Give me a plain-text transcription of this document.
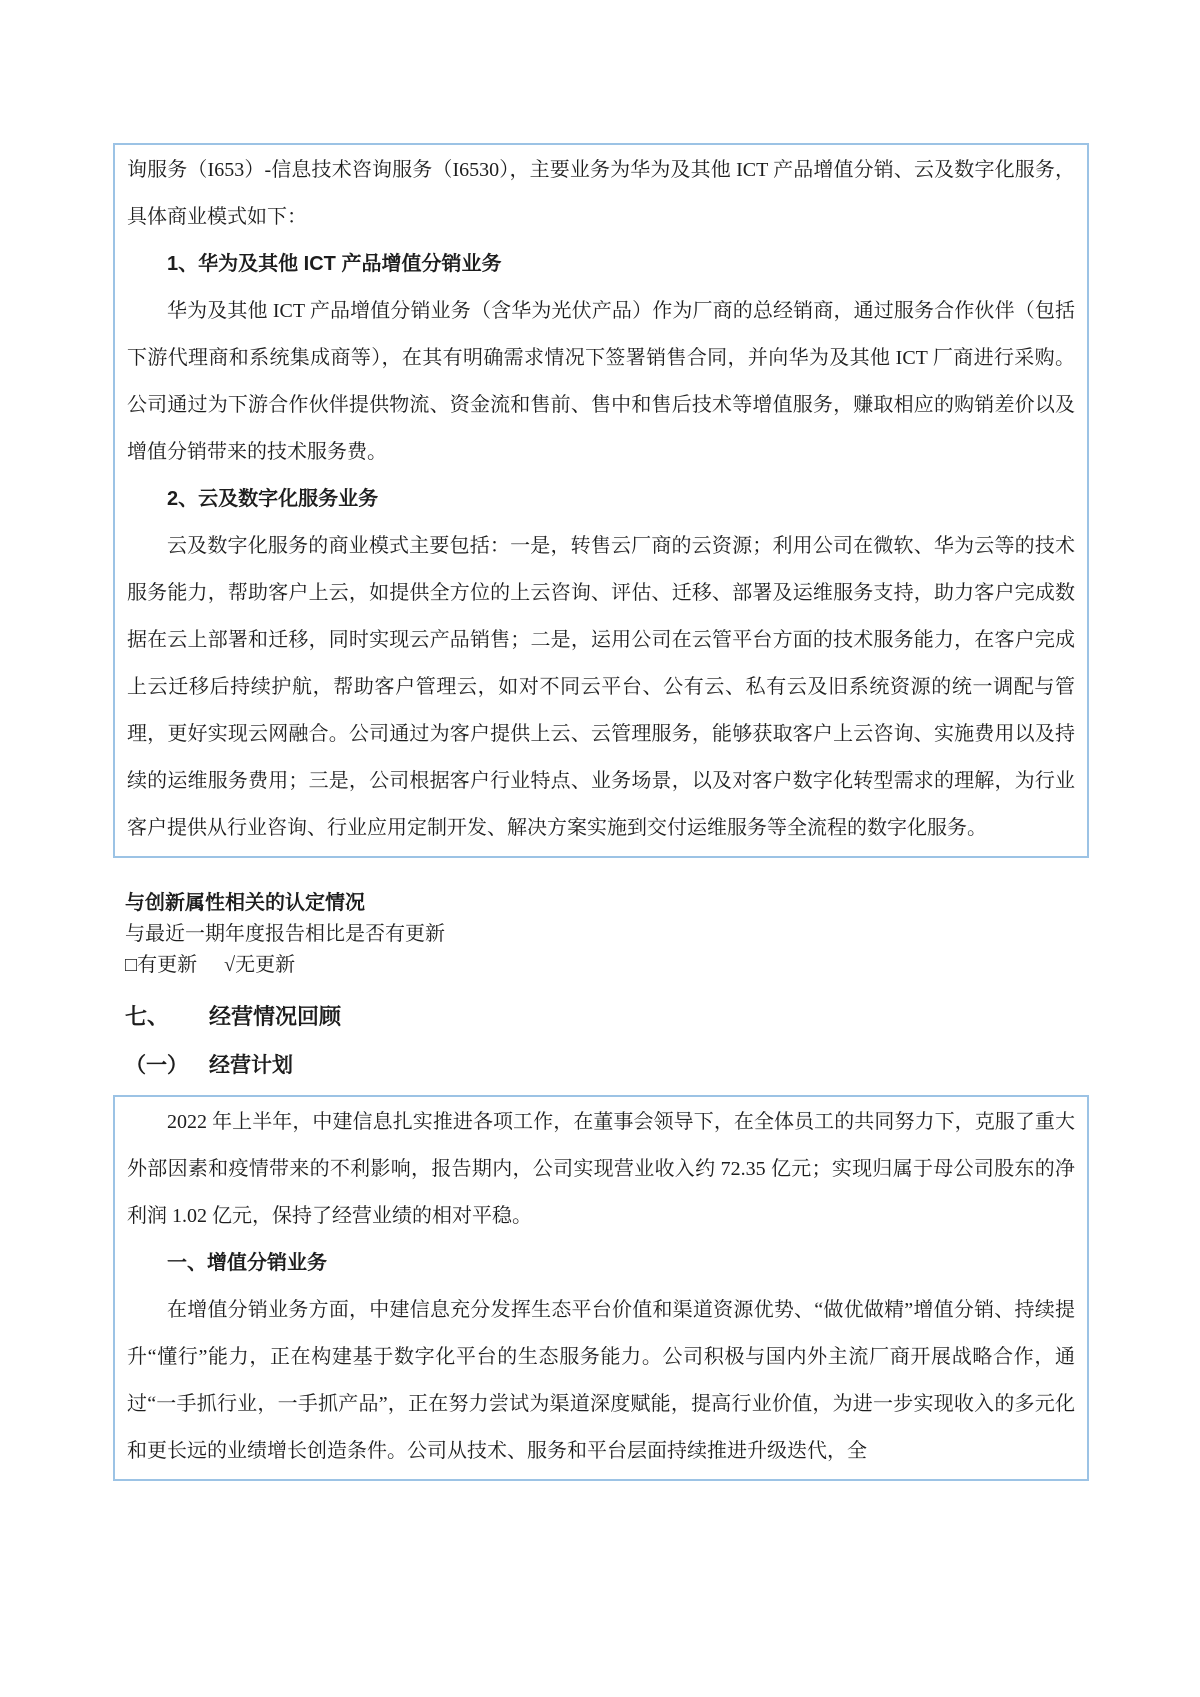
询服务（I653）-信息技术咨询服务（I6530），主要业务为华为及其他 ICT 产品增值分销、云及数字化服务，具体商业模式如下：

1、华为及其他 ICT 产品增值分销业务

华为及其他 ICT 产品增值分销业务（含华为光伏产品）作为厂商的总经销商，通过服务合作伙伴（包括下游代理商和系统集成商等），在其有明确需求情况下签署销售合同，并向华为及其他 ICT 厂商进行采购。公司通过为下游合作伙伴提供物流、资金流和售前、售中和售后技术等增值服务，赚取相应的购销差价以及增值分销带来的技术服务费。

2、云及数字化服务业务

云及数字化服务的商业模式主要包括：一是，转售云厂商的云资源；利用公司在微软、华为云等的技术服务能力，帮助客户上云，如提供全方位的上云咨询、评估、迁移、部署及运维服务支持，助力客户完成数据在云上部署和迁移，同时实现云产品销售；二是，运用公司在云管平台方面的技术服务能力，在客户完成上云迁移后持续护航，帮助客户管理云，如对不同云平台、公有云、私有云及旧系统资源的统一调配与管理，更好实现云网融合。公司通过为客户提供上云、云管理服务，能够获取客户上云咨询、实施费用以及持续的运维服务费用；三是，公司根据客户行业特点、业务场景，以及对客户数字化转型需求的理解，为行业客户提供从行业咨询、行业应用定制开发、解决方案实施到交付运维服务等全流程的数字化服务。

与创新属性相关的认定情况
与最近一期年度报告相比是否有更新
□有更新 √无更新
七、 经营情况回顾
（一） 经营计划

2022 年上半年，中建信息扎实推进各项工作，在董事会领导下，在全体员工的共同努力下，克服了重大外部因素和疫情带来的不利影响，报告期内，公司实现营业收入约 72.35 亿元；实现归属于母公司股东的净利润 1.02 亿元，保持了经营业绩的相对平稳。

一、增值分销业务

在增值分销业务方面，中建信息充分发挥生态平台价值和渠道资源优势、“做优做精”增值分销、持续提升“懂行”能力，正在构建基于数字化平台的生态服务能力。公司积极与国内外主流厂商开展战略合作，通过“一手抓行业，一手抓产品”，正在努力尝试为渠道深度赋能，提高行业价值，为进一步实现收入的多元化和更长远的业绩增长创造条件。公司从技术、服务和平台层面持续推进升级迭代，全
